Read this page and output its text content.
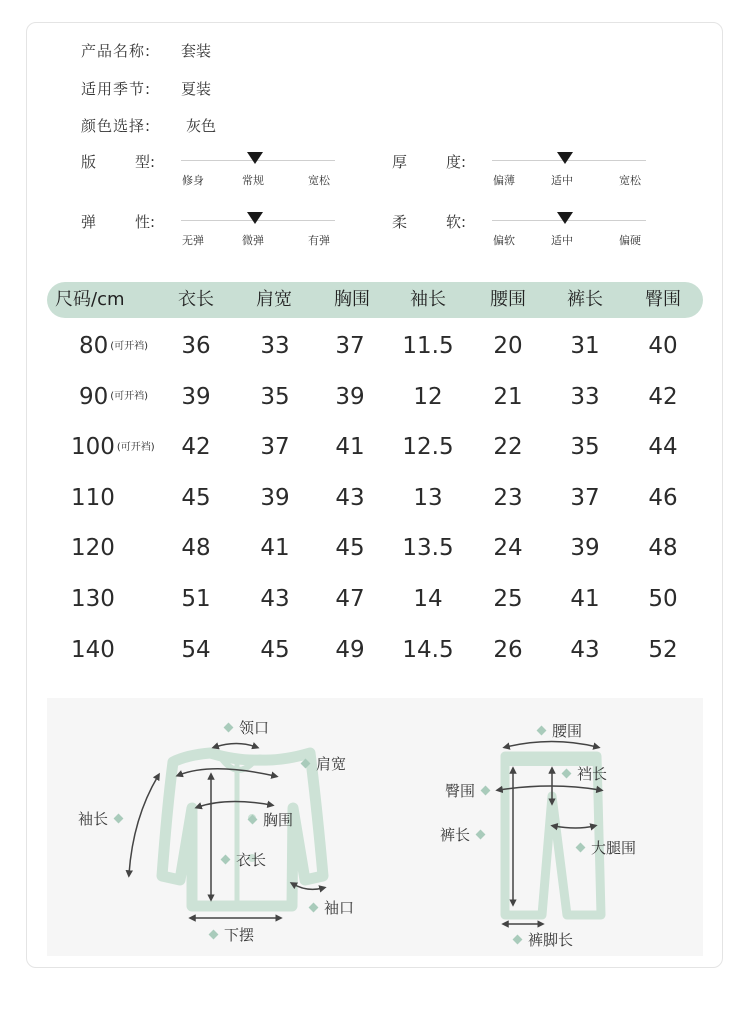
产品名称: 套装
适用季节: 夏装
颜色选择: 灰色
版	型:
修身	常规	宽松
厚	度:
偏薄	适中	宽松
弹	性:
无弹	微弹	有弹
柔	软:
偏软	适中	偏硬
尺码/cm	衣长	肩宽	胸围	袖长	腰围	裤长	臀围
80 (可开裆)	36	33	37	11.5	20	31	40
90 (可开裆)	39	35	39	12	21	33	42
100 (可开裆)	42	37	41	12.5	22	35	44
110	45	39	43	13	23	37	46
120	48	41	45	13.5	24	39	48
130	51	43	47	14	25	41	50
140	54	45	49	14.5	26	43	52
领口
肩宽
袖长	胸围
衣长
袖口
下摆
腰围
裆长
臀围
裤长
大腿围
裤脚长
